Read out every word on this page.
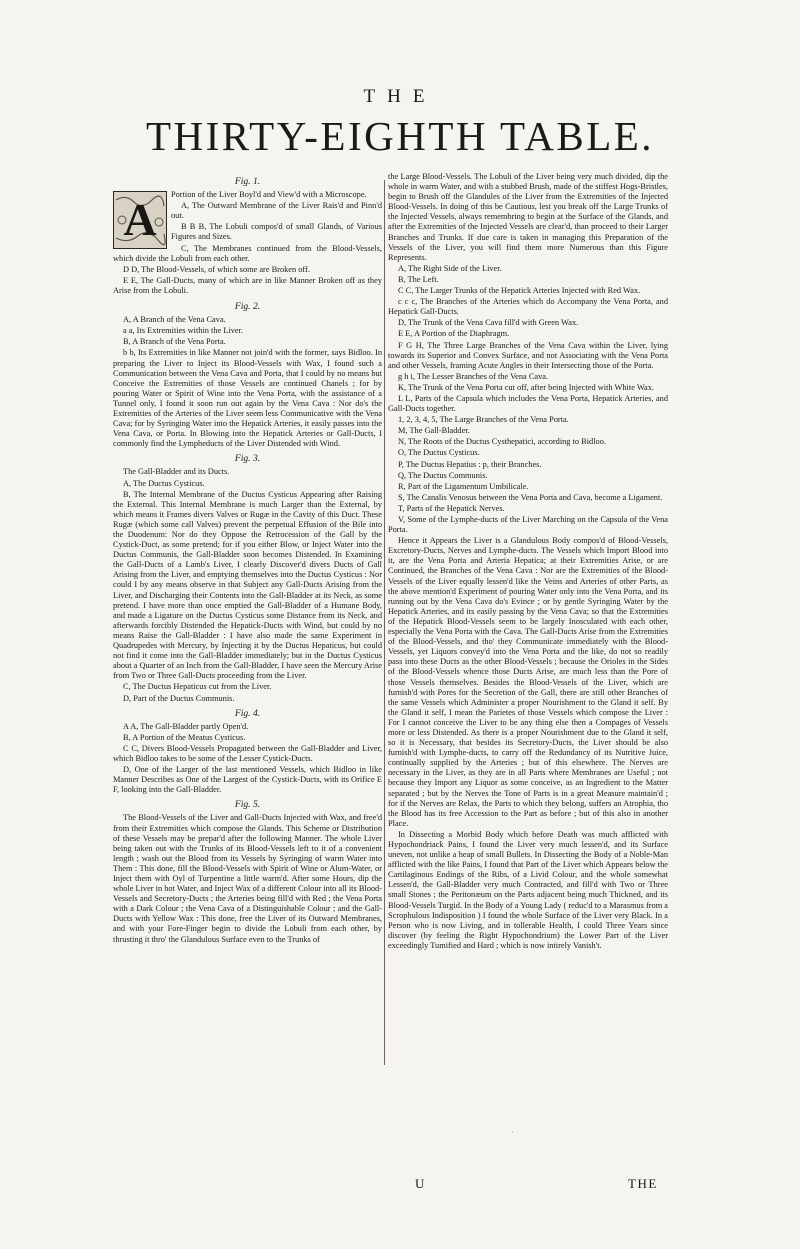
THE
THIRTY-EIGHTH TABLE.
Fig. 1.
A	Portion of the Liver Boyl'd and View'd with a Microscope.

A, The Outward Membrane of the Liver Rais'd and Pinn'd out.

B B B, The Lobuli compos'd of small Glands, of Various Figures and Sizes.

C, The Membranes continued from the Blood-Vessels, which divide the Lobuli from each other.

D D, The Blood-Vessels, of which some are Broken off.

E E, The Gall-Ducts, many of which are in like Manner Broken off as they Arise from the Lobuli.

Fig. 2.

A, A Branch of the Vena Cava.

a a, Its Extremities within the Liver.

B, A Branch of the Vena Porta.

b b, Its Extremities in like Manner not join'd with the former, says Bidloo. In preparing the Liver to Inject its Blood-Vessels with Wax, I found such a Communication between the Vena Cava and Porta, that I could by no means but Conceive the Extremities of those Vessels are continued Chanels ; for by pouring Water or Spirit of Wine into the Vena Porta, with the assistance of a Tunnel only, I found it soon run out again by the Vena Cava : Nor do's the Extremities of the Arteries of the Liver seem less Communicative with the Vena Cava; for by Syringing Water into the Hepatick Arteries, it easily passes into the Vena Cava, or Porta. In Blowing into the Hepatick Arteries or Gall-Ducts, I commonly find the Lympheducts of the Liver Distended with Wind.

Fig. 3.

The Gall-Bladder and its Ducts.

A, The Ductus Cysticus.

B, The Internal Membrane of the Ductus Cysticus Appearing after Raising the External. This Internal Membrane is much Larger than the External, by which means it Frames divers Valves or Rugæ in the Cavity of this Duct. These Rugæ (which some call Valves) prevent the perpetual Effusion of the Bile into the Duodenum: Nor do they Oppose the Retrocession of the Gall by the Cystick-Duct, as some pretend; for if you either Blow, or Inject Water into the Ductus Communis, the Gall-Bladder soon becomes Distended. In Examining the Gall-Ducts of a Lamb's Liver, I clearly Discover'd divers Ducts of Gall Arising from the Liver, and emptying themselves into the Ductus Cysticus : Nor could I by any means observe in that Subject any Gall-Ducts Arising from the Liver, and Discharging their Contents into the Gall-Bladder at its Neck, as some pretend. I have more than once emptied the Gall-Bladder of a Humane Body, and made a Ligature on the Ductus Cysticus some Distance from its Neck, and afterwards forcibly Distended the Hepatick-Ducts with Wind, but could by no means Raise the Gall-Bladder : I have also made the same Experiment in Quadrupedes with Mercury, by Injecting it by the Ductus Hepaticus, but could not find it come into the Gall-Bladder immediately; but in the Ductus Cysticus about a Quarter of an Inch from the Gall-Bladder, I have seen the Mercury Arise from Two or Three Gall-Ducts proceeding from the Liver.

C, The Ductus Hepaticus cut from the Liver.

D, Part of the Ductus Communis.

Fig. 4.

A A, The Gall-Bladder partly Open'd.

B, A Portion of the Meatus Cysticus.

C C, Divers Blood-Vessels Propagated between the Gall-Bladder and Liver, which Bidloo takes to be some of the Lesser Cystick-Ducts.

D, One of the Larger of the last mentioned Vessels, which Bidloo in like Manner Describes as One of the Largest of the Cystick-Ducts, with its Orifice E F, looking into the Gall-Bladder.

Fig. 5.

The Blood-Vessels of the Liver and Gall-Ducts Injected with Wax, and free'd from their Extremities which compose the Glands. This Scheme or Distribution of these Vessels may be prepar'd after the following Manner. The whole Liver being taken out with the Trunks of its Blood-Vessels left to it of a convenient length ; wash out the Blood from its Vessels by Syringing of warm Water into Them : This done, fill the Blood-Vessels with Spirit of Wine or Alum-Water, or Inject them with Oyl of Turpentine a little warm'd. After some Hours, dip the whole Liver in hot Water, and Inject Wax of a different Colour into all its Blood-Vessels and Secretory-Ducts ; the Arteries being fill'd with Red ; the Vena Porta with a Dark Colour ; the Vena Cava of a Distinguishable Colour ; and the Gall-Ducts with Yellow Wax : This done, free the Liver of its Outward Membranes, and with your Fore-Finger begin to divide the Lobuli from each other, by thrusting it thro' the Glandulous Surface even to the Trunks of

the Large Blood-Vessels. The Lobuli of the Liver being very much divided, dip the whole in warm Water, and with a stubbed Brush, made of the stiffest Hogs-Bristles, begin to Brush off the Glandules of the Liver from the Extremities of the Injected Blood-Vessels. In doing of this be Cautious, lest you break off the Large Trunks of the Injected Vessels, always remembring to begin at the Surface of the Glands, and after the Extremities of the Injected Vessels are clear'd, than proceed to their Larger Branches and Trunks. If due care is taken in managing this Preparation of the Vessels of the Liver, you will find them more Numerous than this Figure Represents.

A, The Right Side of the Liver.

B, The Left.

C C, The Larger Trunks of the Hepatick Arteries Injected with Red Wax.

c c c, The Branches of the Arteries which do Accompany the Vena Porta, and Hepatick Gall-Ducts.

D, The Trunk of the Vena Cava fill'd with Green Wax.

E E, A Portion of the Diaphragm.

F G H, The Three Large Branches of the Vena Cava within the Liver, lying towards its Superior and Convex Surface, and not Associating with the Vena Porta and other Vessels, framing Acute Angles in their Intersecting those of the Porta.

g h i, The Lesser Branches of the Vena Cava.

K, The Trunk of the Vena Porta cut off, after being Injected with White Wax.

L L, Parts of the Capsula which includes the Vena Porta, Hepatick Arteries, and Gall-Ducts together.

1, 2, 3, 4, 5, The Large Branches of the Vena Porta.

M, The Gall-Bladder.

N, The Roots of the Ductus Cysthepatici, according to Bidloo.

O, The Ductus Cysticus.

P, The Ductus Hepatius : p, their Branches.

Q, The Ductus Communis.

R, Part of the Ligamentum Umbilicale.

S, The Canalis Venosus between the Vena Porta and Cava, become a Ligament.

T, Parts of the Hepatick Nerves.

V, Some of the Lymphe-ducts of the Liver Marching on the Capsula of the Vena Porta.

Hence it Appears the Liver is a Glandulous Body compos'd of Blood-Vessels, Excretory-Ducts, Nerves and Lymphe-ducts. The Vessels which Import Blood into it, are the Vena Porta and Arteria Hepatica; at their Extremities Arise, or are Continued, the Branches of the Vena Cava : Nor are the Extremities of the Blood-Vessels of the Liver equally lessen'd like the Veins and Arteries of other Parts, as the above mention'd Experiment of pouring Water only into the Vena Porta, and its running out by the Vena Cava do's Evince ; or by gentle Syringing Water by the Hepatick Arteries, and its easily passing by the Vena Cava; so that the Extremities of the Hepatick Blood-Vessels seem to be largely Inosculated with each other, especially the Vena Porta with the Cava. The Gall-Ducts Arise from the Extremities of the Blood-Vessels, and tho' they Communicate immediately with the Blood-Vessels, yet Liquors convey'd into the Vena Porta and the like, do not so readily pass into these Ducts as the other Blood-Vessels ; because the Orioles in the Sides of the Blood-Vessels whence those Ducts Arise, are much less than the Pore of those Vessels themselves. Besides the Blood-Vessels of the Liver, which are furnish'd with Pores for the Secretion of the Gall, there are still other Branches of the same Vessels which Administer a proper Nourishment to the Gland it self. By the Gland it self, I mean the Parietes of those Vessels which compose the Liver : For I cannot conceive the Liver to be any thing else then a Compages of Vessels more or less Distended. As there is a proper Nourishment due to the Gland it self, so it is Necessary, that besides its Secretory-Ducts, the Liver should be also furnish'd with Lymphe-ducts, to carry off the Redundancy of its Nutritive Juice, continually supplied by the Arteries ; but of this elsewhere. The Nerves are necessary in the Liver, as they are in all Parts where Membranes are Useful ; not because they Import any Liquor as some conceive, as an Ingredient to the Matter separated ; but by the Nerves the Tone of Parts is in a great Measure maintain'd ; for if the Nerves are Relax, the Parts to which they belong, suffers an Atrophia, tho the Blood has its free Accession to the Part as before ; but of this also in another Place.

In Dissecting a Morbid Body which before Death was much afflicted with Hypochondriack Pains, I found the Liver very much lessen'd, and its Surface uneven, not unlike a heap of small Bullets. In Dissecting the Body of a Noble-Man afflicted with the like Pains, I found that Part of the Liver which Appears below the Cartilaginous Endings of the Ribs, of a Livid Colour, and the whole somewhat Lessen'd, the Gall-Bladder very much Contracted, and fill'd with Two or Three small Stones ; the Peritonæum on the Parts adjacent being much Thickned, and its Blood-Vessels Turgid. In the Body of a Young Lady ( reduc'd to a Marasmus from a Scrophulous Indisposition ) I found the whole Surface of the Liver very Black. In a Person who is now Living, and in tollerable Health, I could Three Years since discover (by feeling the Right Hypochondrium) the Lower Part of the Liver exceedingly Tumified and Hard ; which is now intirely Vanish't.

·
U	THE
